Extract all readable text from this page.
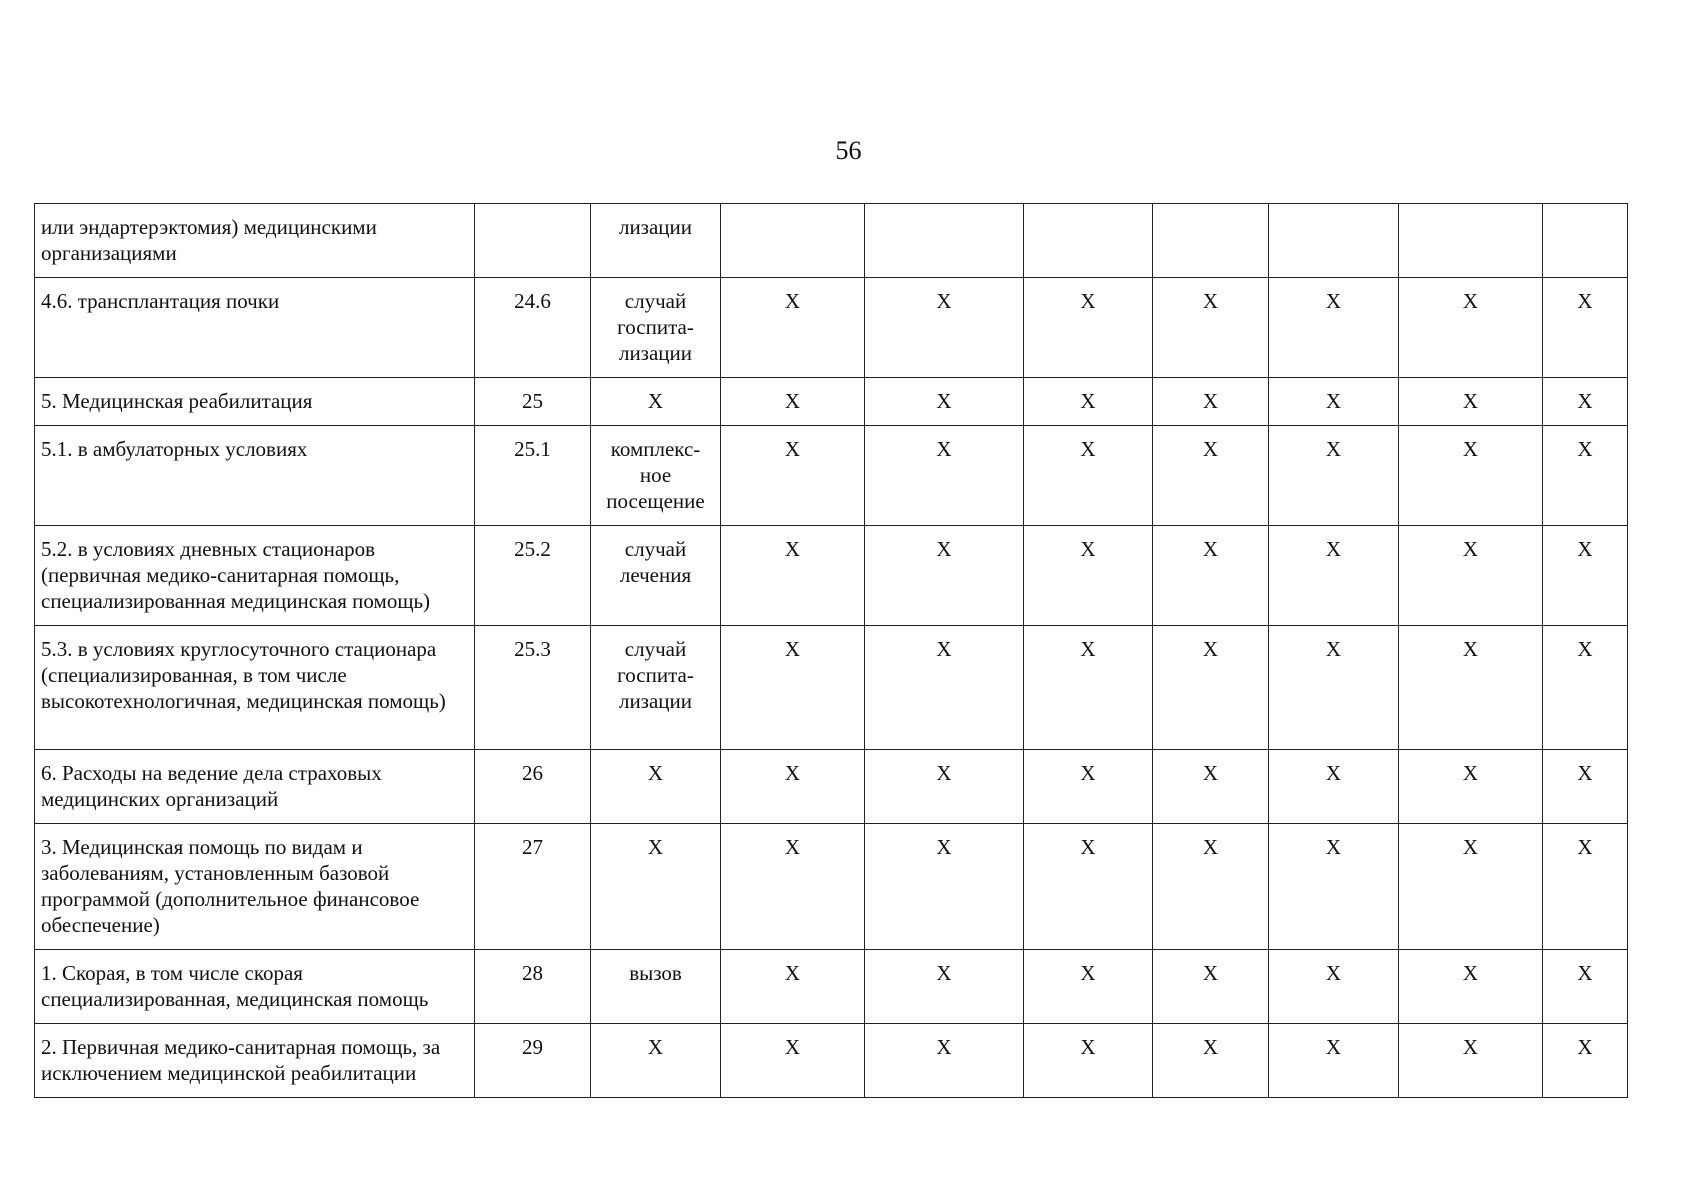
56
или эндартерэктомия) медицинскими организациями		лизации							
4.6. трансплантация почки	24.6	случай госпита-лизации	X	X	X	X	X	X	X
5. Медицинская реабилитация	25	X	X	X	X	X	X	X	X
5.1. в амбулаторных условиях	25.1	комплекс-ное посещение	X	X	X	X	X	X	X
5.2. в условиях дневных стационаров (первичная медико-санитарная помощь, специализированная медицинская помощь)	25.2	случай лечения	X	X	X	X	X	X	X
5.3. в условиях круглосуточного стационара (специализированная, в том числе высокотехнологичная, медицинская помощь)	25.3	случай госпита-лизации	X	X	X	X	X	X	X
6. Расходы на ведение дела страховых медицинских организаций	26	X	X	X	X	X	X	X	X
3. Медицинская помощь по видам и заболеваниям, установленным базовой программой (дополнительное финансовое обеспечение)	27	X	X	X	X	X	X	X	X
1. Скорая, в том числе скорая специализированная, медицинская помощь	28	вызов	X	X	X	X	X	X	X
2. Первичная медико-санитарная помощь, за исключением медицинской реабилитации	29	X	X	X	X	X	X	X	X
